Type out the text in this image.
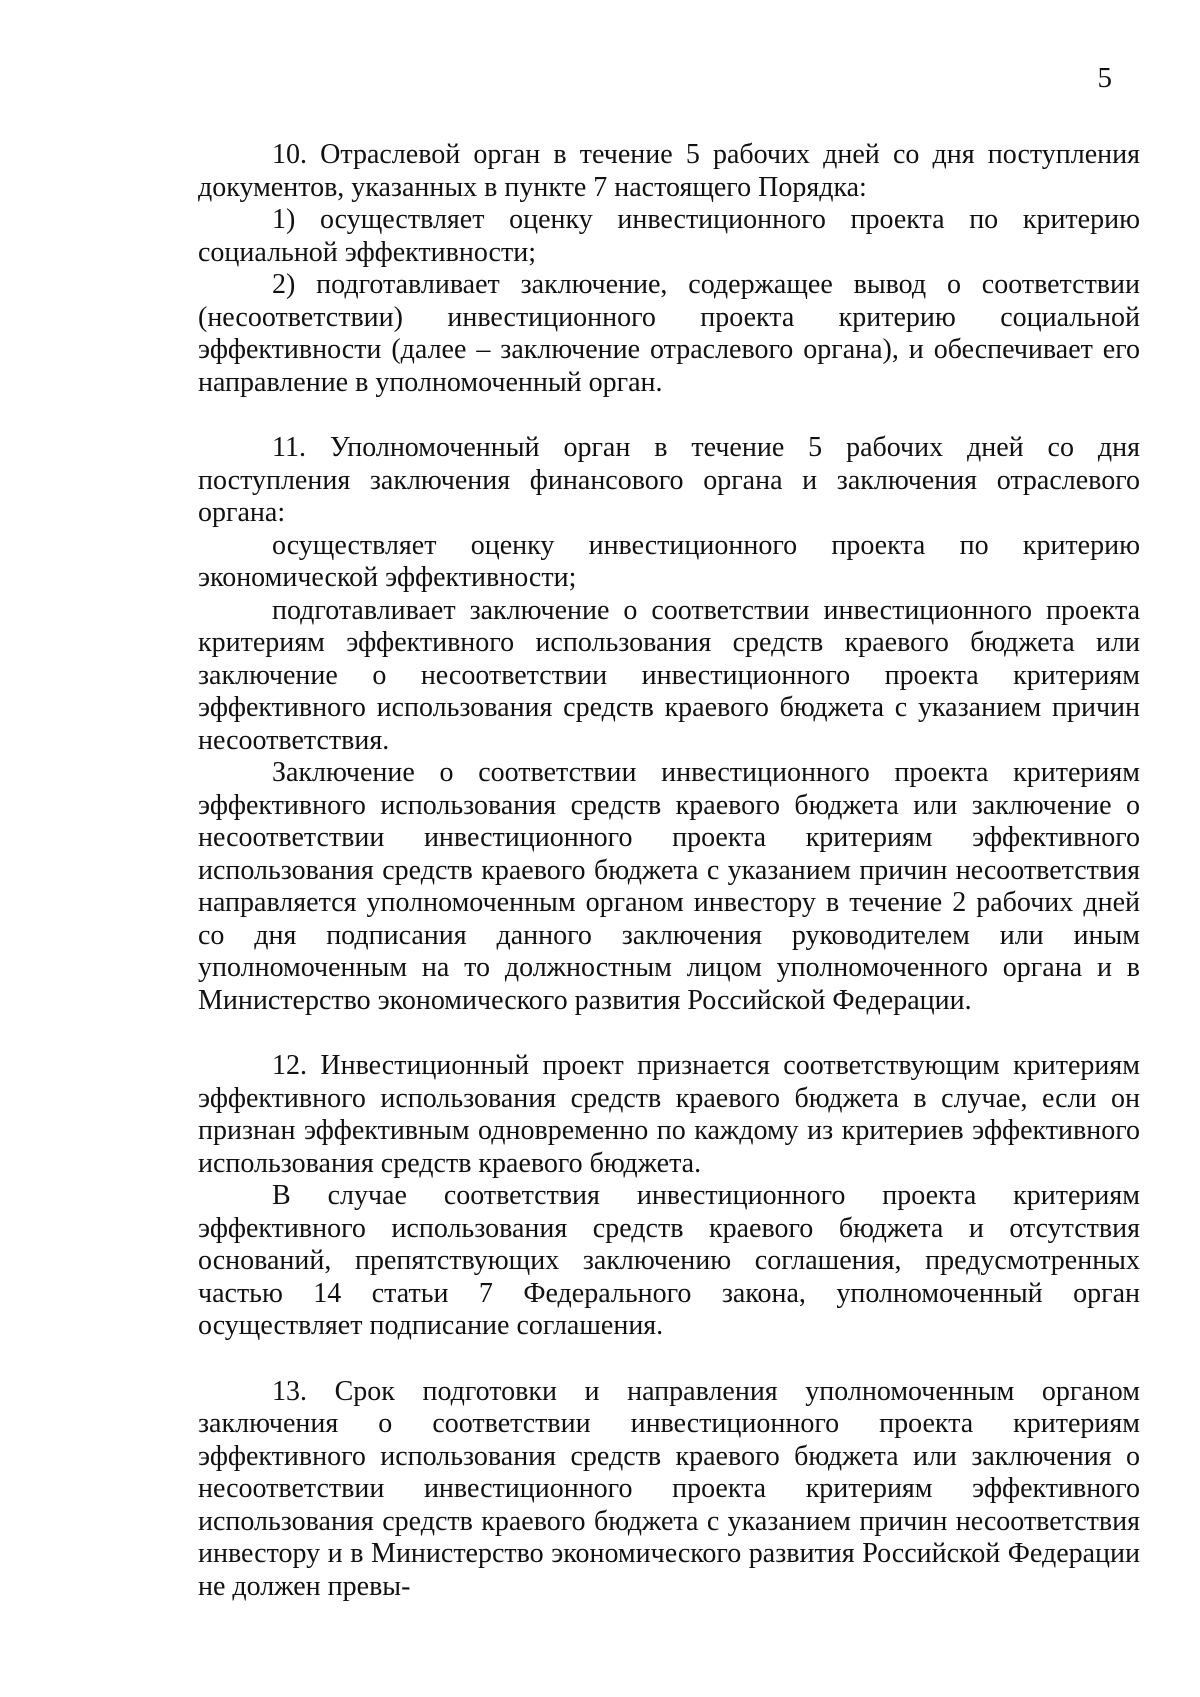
5

10. Отраслевой орган в течение 5 рабочих дней со дня поступления документов, указанных в пункте 7 настоящего Порядка:

1) осуществляет оценку инвестиционного проекта по критерию социальной эффективности;

2) подготавливает заключение, содержащее вывод о соответствии (несоответствии) инвестиционного проекта критерию социальной эффективности (далее – заключение отраслевого органа), и обеспечивает его направление в уполномоченный орган.

11. Уполномоченный орган в течение 5 рабочих дней со дня поступления заключения финансового органа и заключения отраслевого органа:

осуществляет оценку инвестиционного проекта по критерию экономической эффективности;

подготавливает заключение о соответствии инвестиционного проекта критериям эффективного использования средств краевого бюджета или заключение о несоответствии инвестиционного проекта критериям эффективного использования средств краевого бюджета с указанием причин несоответствия.

Заключение о соответствии инвестиционного проекта критериям эффективного использования средств краевого бюджета или заключение о несоответствии инвестиционного проекта критериям эффективного использования средств краевого бюджета с указанием причин несоответствия направляется уполномоченным органом инвестору в течение 2 рабочих дней со дня подписания данного заключения руководителем или иным уполномоченным на то должностным лицом уполномоченного органа и в Министерство экономического развития Российской Федерации.

12. Инвестиционный проект признается соответствующим критериям эффективного использования средств краевого бюджета в случае, если он признан эффективным одновременно по каждому из критериев эффективного использования средств краевого бюджета.

В случае соответствия инвестиционного проекта критериям эффективного использования средств краевого бюджета и отсутствия оснований, препятствующих заключению соглашения, предусмотренных частью 14 статьи 7 Федерального закона, уполномоченный орган осуществляет подписание соглашения.

13. Срок подготовки и направления уполномоченным органом заключения о соответствии инвестиционного проекта критериям эффективного использования средств краевого бюджета или заключения о несоответствии инвестиционного проекта критериям эффективного использования средств краевого бюджета с указанием причин несоответствия инвестору и в Министерство экономического развития Российской Федерации не должен превы-
